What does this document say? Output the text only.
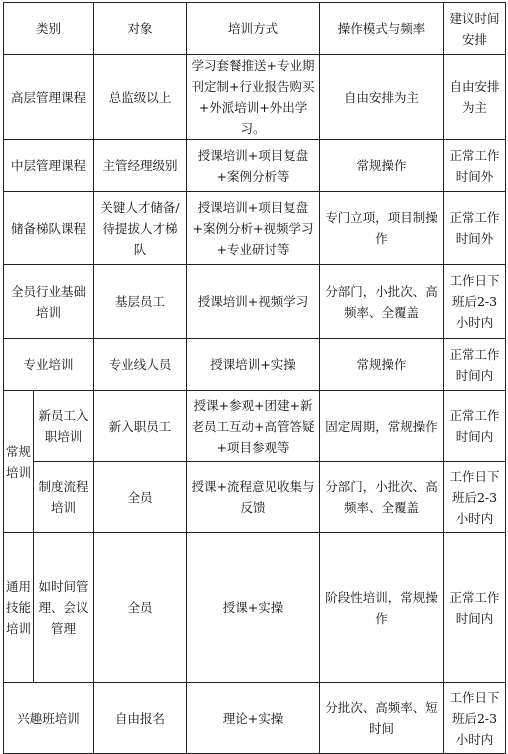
类别		对象	培训方式	操作模式与频率	建议时间安排
高层管理课程		总监级以上	学习套餐推送+专业期刊定制+行业报告购买+外派培训+外出学习。	自由安排为主	自由安排为主
中层管理课程		主管经理级别	授课培训+项目复盘+案例分析等	常规操作	正常工作时间外
储备梯队课程		关键人才储备/待提拔人才梯队	授课培训+项目复盘+案例分析+视频学习+专业研讨等	专门立项，项目制操作	正常工作时间外
全员行业基础培训		基层员工	授课培训+视频学习	分部门，小批次、高频率、全覆盖	工作日下班后2-3小时内
专业培训		专业线人员	授课培训+实操	常规操作	正常工作时间内
常规培训	新员工入职培训	新入职员工	授课+参观+团建+新老员工互动+高管答疑+项目参观等	固定周期，常规操作	正常工作时间内
	制度流程培训	全员	授课+流程意见收集与反馈	分部门，小批次、高频率、全覆盖	工作日下班后2-3小时内
通用技能培训	如时间管理、会议管理	全员	授课+实操	阶段性培训，常规操作	正常工作时间内
兴趣班培训		自由报名	理论+实操	分批次、高频率、短时间	工作日下班后2-3小时内
